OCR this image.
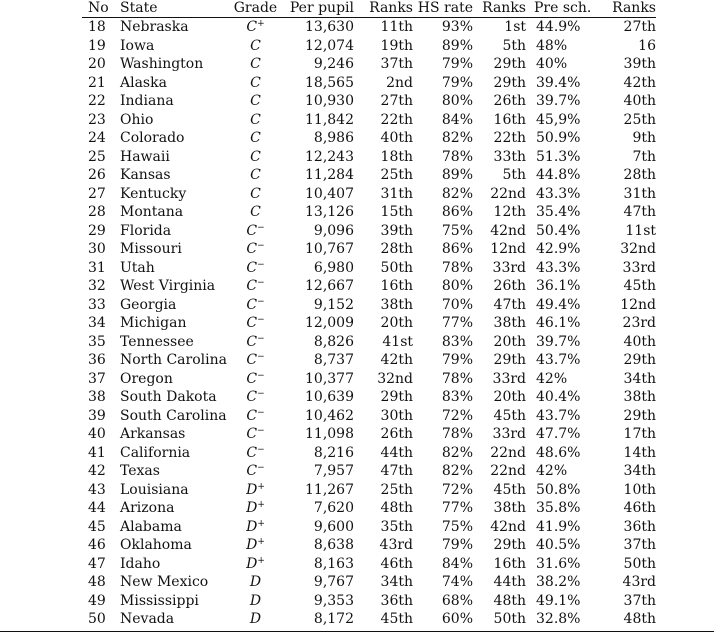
No	State	Grade	Per pupil	Ranks	HS rate	Ranks	Pre sch.	Ranks
18	Nebraska	C+	13,630	11th	93%	1st	44.9%	27th
19	Iowa	C	12,074	19th	89%	5th	48%	16
20	Washington	C	9,246	37th	79%	29th	40%	39th
21	Alaska	C	18,565	2nd	79%	29th	39.4%	42th
22	Indiana	C	10,930	27th	80%	26th	39.7%	40th
23	Ohio	C	11,842	22th	84%	16th	45,9%	25th
24	Colorado	C	8,986	40th	82%	22th	50.9%	9th
25	Hawaii	C	12,243	18th	78%	33th	51.3%	7th
26	Kansas	C	11,284	25th	89%	5th	44.8%	28th
27	Kentucky	C	10,407	31th	82%	22nd	43.3%	31th
28	Montana	C	13,126	15th	86%	12th	35.4%	47th
29	Florida	C−	9,096	39th	75%	42nd	50.4%	11st
30	Missouri	C−	10,767	28th	86%	12nd	42.9%	32nd
31	Utah	C−	6,980	50th	78%	33rd	43.3%	33rd
32	West Virginia	C−	12,667	16th	80%	26th	36.1%	45th
33	Georgia	C−	9,152	38th	70%	47th	49.4%	12nd
34	Michigan	C−	12,009	20th	77%	38th	46.1%	23rd
35	Tennessee	C−	8,826	41st	83%	20th	39.7%	40th
36	North Carolina	C−	8,737	42th	79%	29th	43.7%	29th
37	Oregon	C−	10,377	32nd	78%	33rd	42%	34th
38	South Dakota	C−	10,639	29th	83%	20th	40.4%	38th
39	South Carolina	C−	10,462	30th	72%	45th	43.7%	29th
40	Arkansas	C−	11,098	26th	78%	33rd	47.7%	17th
41	California	C−	8,216	44th	82%	22nd	48.6%	14th
42	Texas	C−	7,957	47th	82%	22nd	42%	34th
43	Louisiana	D+	11,267	25th	72%	45th	50.8%	10th
44	Arizona	D+	7,620	48th	77%	38th	35.8%	46th
45	Alabama	D+	9,600	35th	75%	42nd	41.9%	36th
46	Oklahoma	D+	8,638	43rd	79%	29th	40.5%	37th
47	Idaho	D+	8,163	46th	84%	16th	31.6%	50th
48	New Mexico	D	9,767	34th	74%	44th	38.2%	43rd
49	Mississippi	D	9,353	36th	68%	48th	49.1%	37th
50	Nevada	D	8,172	45th	60%	50th	32.8%	48th
